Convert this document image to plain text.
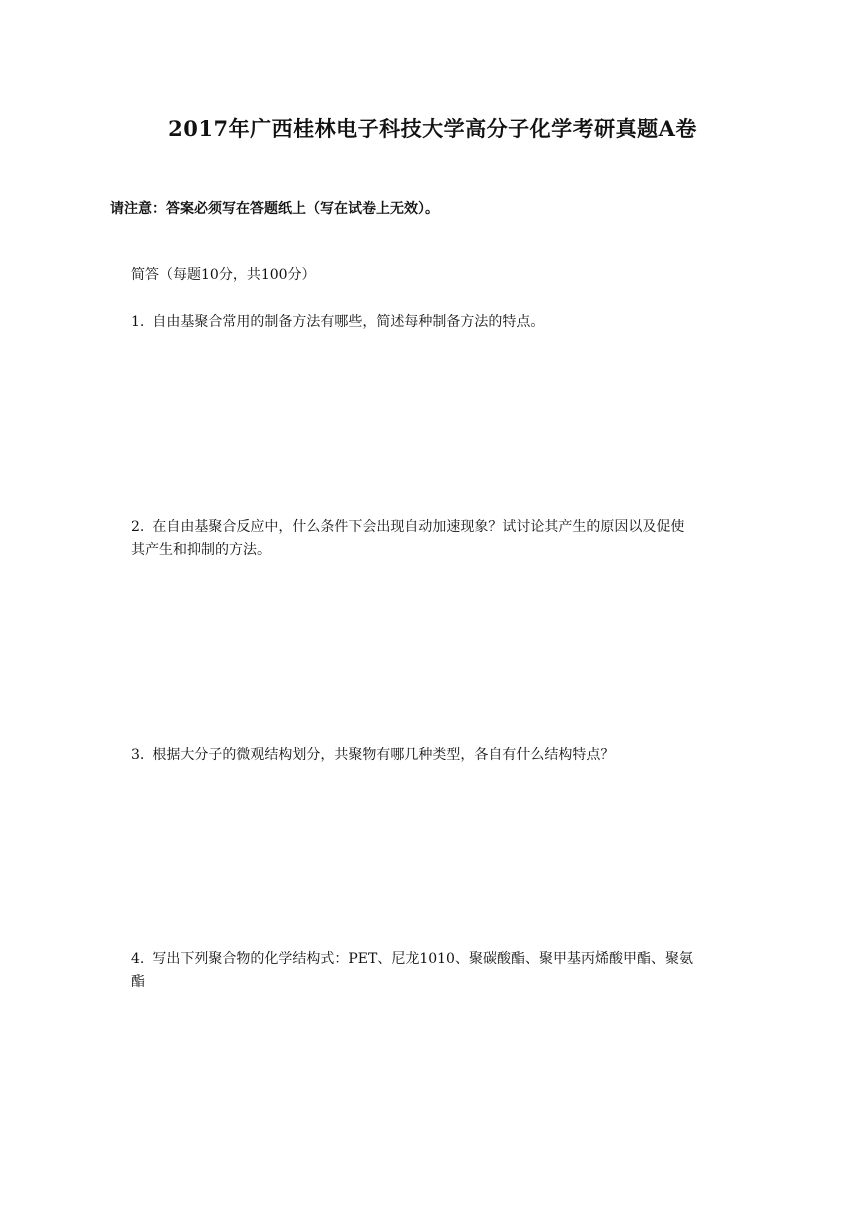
2017年广西桂林电子科技大学高分子化学考研真题A卷
请注意：答案必须写在答题纸上（写在试卷上无效）。
简答（每题10分，共100分）
1. 自由基聚合常用的制备方法有哪些，简述每种制备方法的特点。
2. 在自由基聚合反应中，什么条件下会出现自动加速现象？试讨论其产生的原因以及促使
其产生和抑制的方法。
3. 根据大分子的微观结构划分，共聚物有哪几种类型，各自有什么结构特点？
4. 写出下列聚合物的化学结构式：PET、尼龙1010、聚碳酸酯、聚甲基丙烯酸甲酯、聚氨
酯
